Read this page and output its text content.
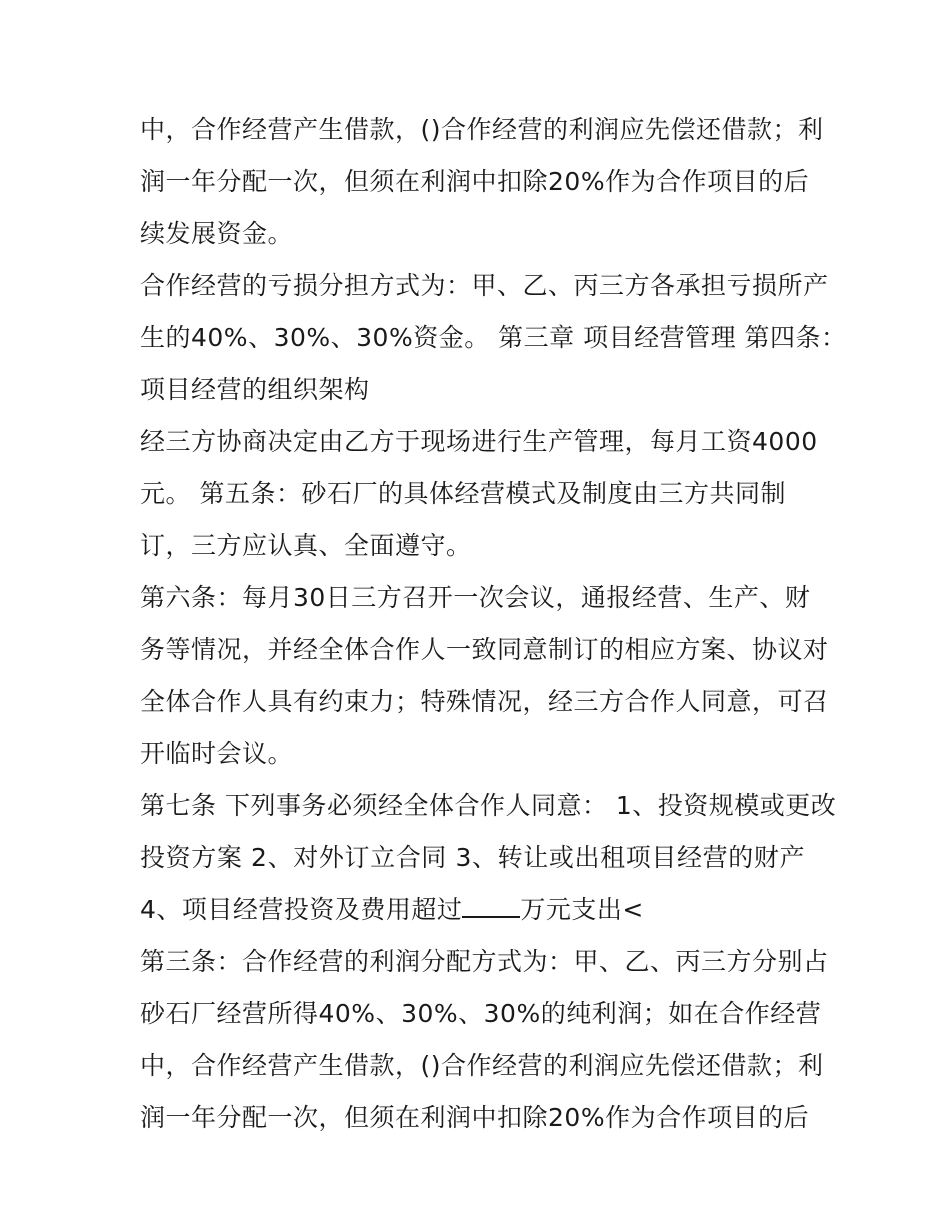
中，合作经营产生借款，()合作经营的利润应先偿还借款；利
润一年分配一次，但须在利润中扣除20%作为合作项目的后
续发展资金。
合作经营的亏损分担方式为：甲、乙、丙三方各承担亏损所产
生的40%、30%、30%资金。 第三章 项目经营管理 第四条：
项目经营的组织架构
经三方协商决定由乙方于现场进行生产管理，每月工资4000
元。 第五条：砂石厂的具体经营模式及制度由三方共同制
订，三方应认真、全面遵守。
第六条：每月30日三方召开一次会议，通报经营、生产、财
务等情况，并经全体合作人一致同意制订的相应方案、协议对
全体合作人具有约束力；特殊情况，经三方合作人同意，可召
开临时会议。
第七条 下列事务必须经全体合作人同意： 1、投资规模或更改
投资方案 2、对外订立合同 3、转让或出租项目经营的财产
4、项目经营投资及费用超过 万元支出<
第三条：合作经营的利润分配方式为：甲、乙、丙三方分别占
砂石厂经营所得40%、30%、30%的纯利润；如在合作经营
中，合作经营产生借款，()合作经营的利润应先偿还借款；利
润一年分配一次，但须在利润中扣除20%作为合作项目的后
